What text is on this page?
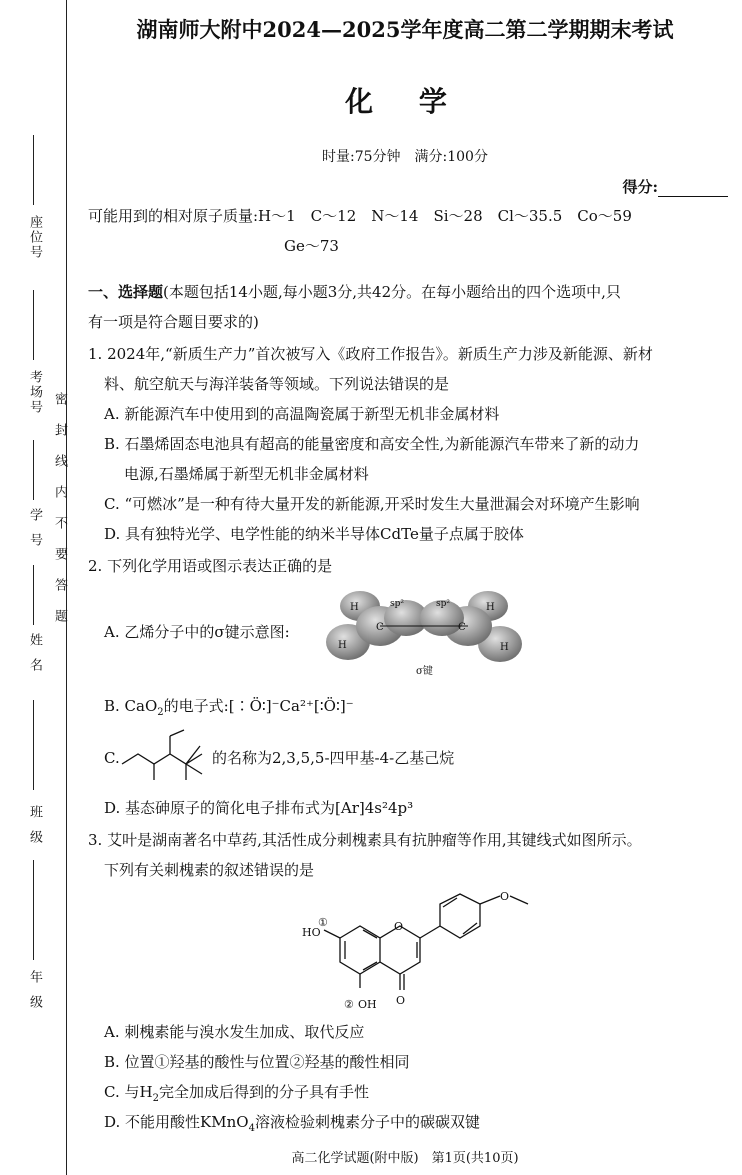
座位号
考场号
学号
姓名
班级
年级
密封线内不要答题
湖南师大附中2024—2025学年度高二第二学期期末考试
化 学
时量:75分钟　满分:100分
得分:
可能用到的相对原子质量:H～1　C～12　N～14　Si～28　Cl～35.5　Co～59
Ge～73
一、选择题(本题包括14小题,每小题3分,共42分。在每小题给出的四个选项中,只
有一项是符合题目要求的)
1. 2024年,“新质生产力”首次被写入《政府工作报告》。新质生产力涉及新能源、新材
料、航空航天与海洋装备等领域。下列说法错误的是
A. 新能源汽车中使用到的高温陶瓷属于新型无机非金属材料
B. 石墨烯固态电池具有超高的能量密度和高安全性,为新能源汽车带来了新的动力
电源,石墨烯属于新型无机非金属材料
C. “可燃冰”是一种有待大量开发的新能源,开采时发生大量泄漏会对环境产生影响
D. 具有独特光学、电学性能的纳米半导体CdTe量子点属于胶体
2. 下列化学用语或图示表达正确的是
A. 乙烯分子中的σ键示意图:
sp²	sp²
C	C
H
H
H
H
σ键
B. CaO$_2$的电子式:[∶Ö∶]⁻Ca²⁺[∶Ö∶]⁻
C.	的名称为2,3,5,5-四甲基-4-乙基己烷
D. 基态砷原子的简化电子排布式为[Ar]4s²4p³
3. 艾叶是湖南著名中草药,其活性成分刺槐素具有抗肿瘤等作用,其键线式如图所示。
下列有关刺槐素的叙述错误的是
HO
①	O
O
② OH
O
A. 刺槐素能与溴水发生加成、取代反应
B. 位置①羟基的酸性与位置②羟基的酸性相同
C. 与$H_2$完全加成后得到的分子具有手性
D. 不能用酸性KMnO$_4$溶液检验刺槐素分子中的碳碳双键
高二化学试题(附中版)　第1页(共10页)
